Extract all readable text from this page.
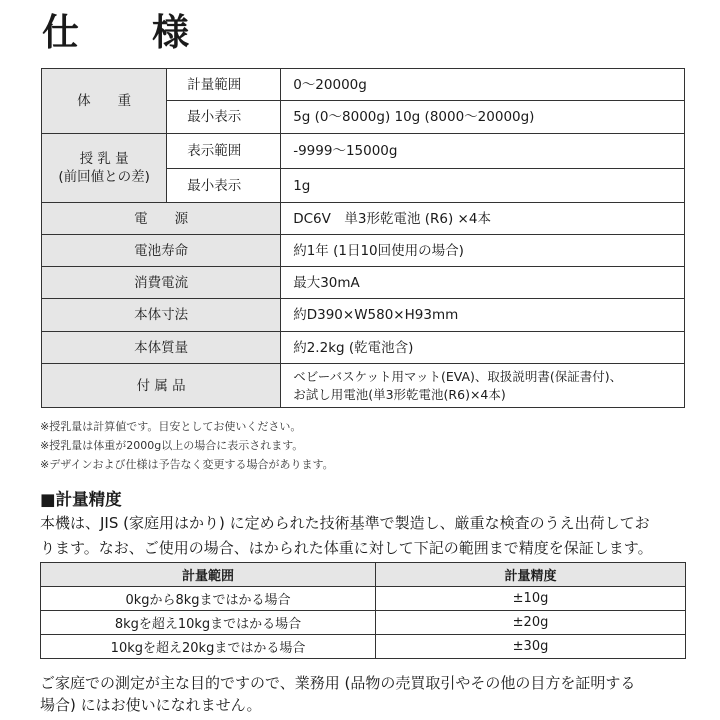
仕　様
体　　重	計量範囲	0〜20000g
	最小表示	5g (0〜8000g) 10g (8000〜20000g)

授 乳 量
(前回値との差)	表示範囲	-9999〜15000g
	最小表示	1g
電　　源		DC6V　単3形乾電池 (R6) ×4本
電池寿命		約1年 (1日10回使用の場合)
消費電流		最大30mA
本体寸法		約D390×W580×H93mm
本体質量		約2.2kg (乾電池含)
付 属 品		ベビーバスケット用マット(EVA)、取扱説明書(保証書付)、
お試し用電池(単3形乾電池(R6)×4本)
※授乳量は計算値です。目安としてお使いください。
※授乳量は体重が2000g以上の場合に表示されます。
※デザインおよび仕様は予告なく変更する場合があります。
■計量精度
本機は、JIS (家庭用はかり) に定められた技術基準で製造し、厳重な検査のうえ出荷してお
ります。なお、ご使用の場合、はかられた体重に対して下記の範囲まで精度を保証します。
計量範囲	計量精度
0kgから8kgまではかる場合	±10g
8kgを超え10kgまではかる場合	±20g
10kgを超え20kgまではかる場合	±30g
ご家庭での測定が主な目的ですので、業務用 (品物の売買取引やその他の目方を証明する
場合) にはお使いになれません。
